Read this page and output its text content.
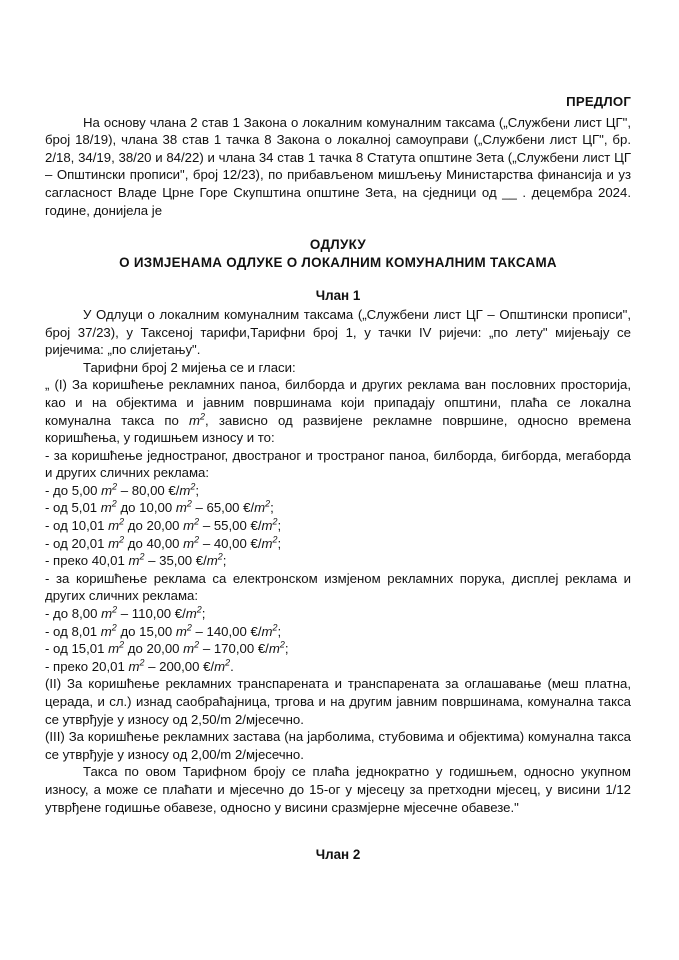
ПРЕДЛОГ

На основу члана 2 став 1 Закона о локалним комуналним таксама („Службени лист ЦГ", број 18/19), члана 38 став 1 тачка 8 Закона о локалној самоуправи („Службени лист ЦГ", бр. 2/18, 34/19, 38/20 и 84/22) и члана 34 став 1 тачка 8 Статута општине Зета („Службени лист ЦГ – Општински прописи", број 12/23), по прибављеном мишљењу Министарства финансија и уз сагласност Владе Црне Горе Скупштина општине Зета, на сједници од __ . децембра 2024. године, донијела је

ОДЛУКУ

О ИЗМЈЕНАМА ОДЛУКЕ О ЛОКАЛНИМ КОМУНАЛНИМ ТАКСАМА

Члан 1

У Одлуци о локалним комуналним таксама („Службени лист ЦГ – Општински прописи", број 37/23), у Таксеној тарифи,Тарифни број 1, у тачки IV ријечи: „по лету" мијењају се ријечима: „по слијетању".

Тарифни број 2 мијења се и гласи:

„ (I) За коришћење рекламних паноа, билборда и других реклама ван пословних просторија, као и на објектима и јавним површинама који припадају општини, плаћа се локална комунална такса по $m^2$, зависно од развијене рекламне површине, односно времена коришћења, у годишњем износу и то:

- за коришћење једностраног, двостраног и тространог паноа, билборда, бигборда, мегаборда и других сличних реклама:

- до 5,00 $m^2 - 80,00$ $€/m^2$;

- од 5,01 $m^2$ до 10,00 $m^2 - 65,00$ $€/m^2$;

- од 10,01 $m^2$ до 20,00 $m^2 - 55,00$ $€/m^2$;

- од 20,01 $m^2$ до 40,00 $m^2 - 40,00$ $€/m^2$;

- преко 40,01 $m^2 - 35,00$ $€/m^2$;

- за коришћење реклама са електронском измјеном рекламних порука, дисплеј реклама и других сличних реклама:

- до 8,00 $m^2 - 110,00$ $€/m^2$;

- од 8,01 $m^2$ до 15,00 $m^2 - 140,00$ $€/m^2$;

- од 15,01 $m^2$ до 20,00 $m^2 - 170,00$ $€/m^2$;

- преко 20,01 $m^2 - 200,00$ $€/m^2$.

(II) За коришћење рекламних транспарената и транспарената за оглашавање (меш платна, церада, и сл.) изнад саобраћајница, тргова и на другим јавним површинама, комунална такса се утврђује у износу од 2,50/m 2/мјесечно.

(III) За коришћење рекламних застава (на јарболима, стубовима и објектима) комунална такса се утврђује у износу од 2,00/m 2/мјесечно.

Такса по овом Тарифном броју се плаћа једнократно у годишњем, односно укупном износу, а може се плаћати и мјесечно до 15-ог у мјесецу за претходни мјесец, у висини 1/12 утврђене годишње обавезе, односно у висини сразмјерне мјесечне обавезе."

Члан 2
